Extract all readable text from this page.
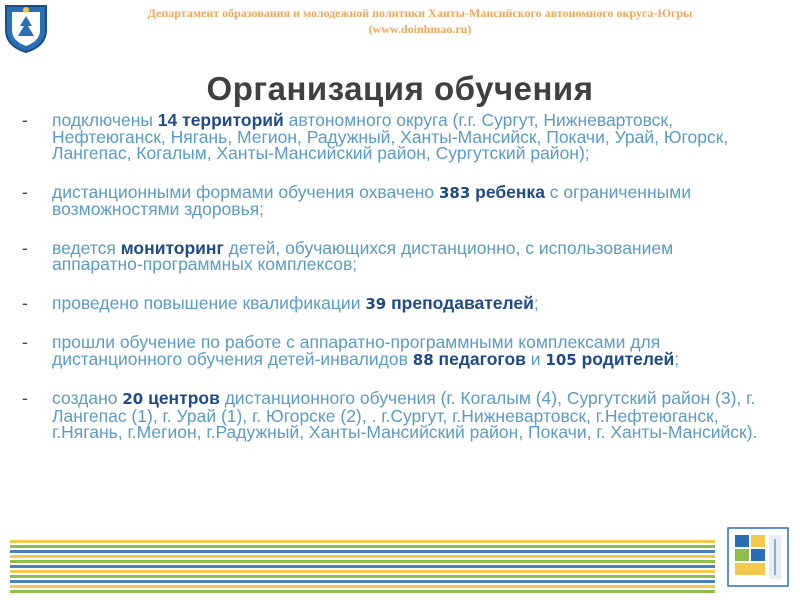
Департамент образования и молодежной политики Ханты-Мансийского автономного округа-Югры
(www.doinhmao.ru)
Организация обучения
- подключены 14 территорий автономного округа (г.г. Сургут, Нижневартовск, Нефтеюганск, Нягань, Мегион, Радужный, Ханты-Мансийск, Покачи, Урай, Югорск, Лангепас, Когалым, Ханты-Мансийский район, Сургутский район);
- дистанционными формами обучения охвачено 383 ребенка с ограниченными возможностями здоровья;
- ведется мониторинг детей, обучающихся дистанционно, с использованием аппаратно-программных комплексов;
- проведено повышение квалификации 39 преподавателей;
- прошли обучение по работе с аппаратно-программными комплексами для дистанционного обучения детей-инвалидов 88 педагогов и 105 родителей;
- создано 20 центров дистанционного обучения (г. Когалым (4), Сургутский район (3), г. Лангепас (1), г. Урай (1), г. Югорске (2), . г.Сургут, г.Нижневартовск, г.Нефтеюганск, г.Нягань, г.Мегион, г.Радужный, Ханты-Мансийский район, Покачи, г. Ханты-Мансийск).
